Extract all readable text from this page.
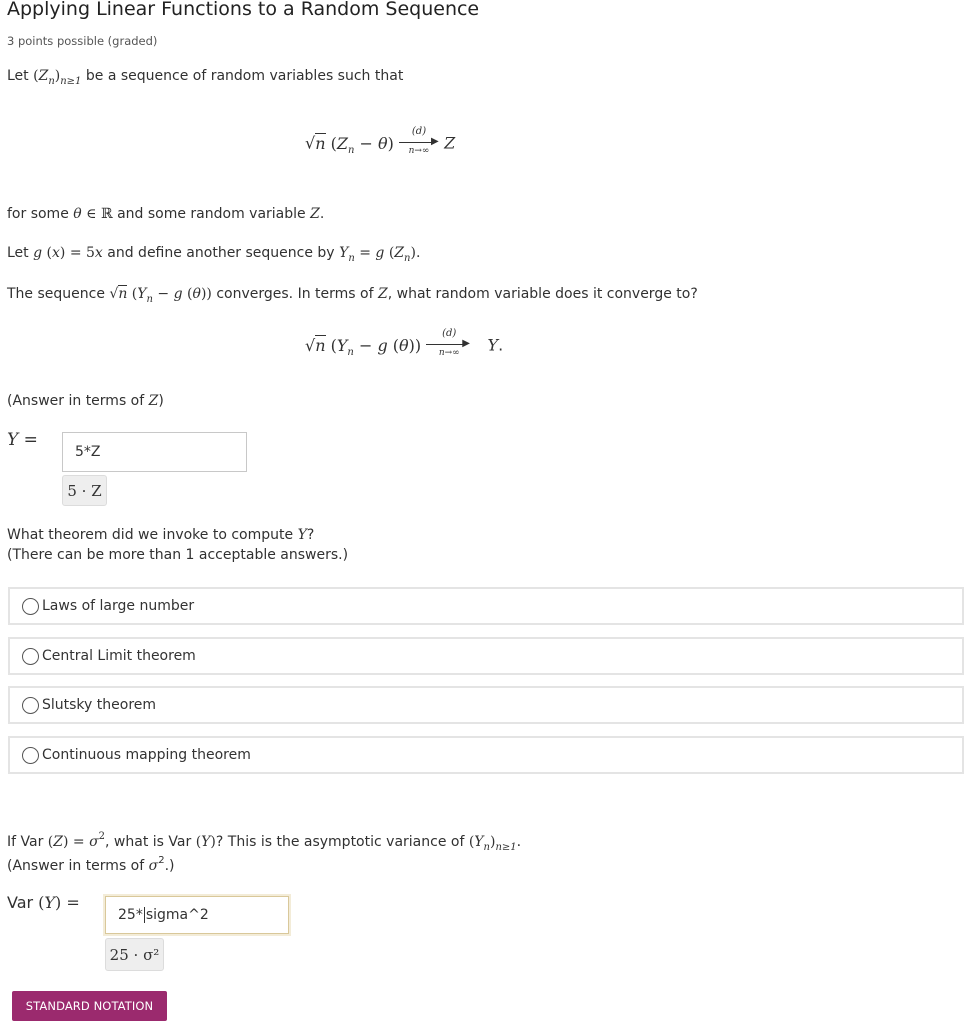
Applying Linear Functions to a Random Sequence
3 points possible (graded)
Let $(Z_n)_{n\ge 1}$ be a sequence of random variables such that
√n $(Z_n - \theta)$
(d)
▶
n→∞ Z
for some θ ∈ ℝ and some random variable Z.
Let g (x) = 5x and define another sequence by $Y_n = g$ $(Z_n)$.
The sequence √n ($Y_n - g$ (θ)) converges. In terms of Z, what random variable does it converge to?
√n ($Y_n - g$ (θ))
(d)
▶
n→∞	Y.
(Answer in terms of Z)
Y =
5*Z
5 · Z
What theorem did we invoke to compute Y?
(There can be more than 1 acceptable answers.)
Laws of large number
Central Limit theorem
Slutsky theorem
Continuous mapping theorem
If Var $(Z) = \sigma^2$, what is Var (Y)? This is the asymptotic variance of $(Y_n)_{n\ge 1}$.
(Answer in terms of $\sigma^2$.)
Var (Y) =
25* sigma^2
25 · σ²
STANDARD NOTATION
